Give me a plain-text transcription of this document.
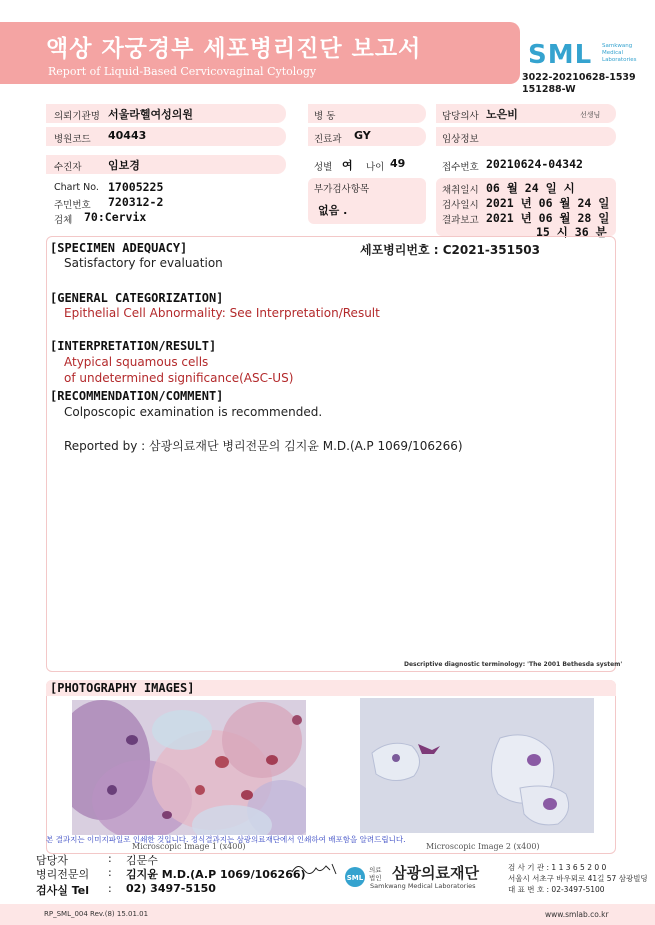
액상 자궁경부 세포병리진단 보고서
Report of Liquid-Based Cervicovaginal Cytology
SML Samkwang
Medical
Laboratories
3022-20210628-1539
151288-W
의뢰기관명 서울라헬여성의원	병 동	담당의사 노은비	선생님
병원코드 40443	진료과 GY	임상정보
수진자 임보경	성별 여 나이 49	접수번호 20210624-04342
Chart No. 17005225
주민번호 720312-2
검체 70:Cervix
부가검사항목
없음 .
채취일시 06 월 24 일 시
검사일시 2021 년 06 월 24 일
결과보고 2021 년 06 월 28 일
15 시 36 분
[SPECIMEN ADEQUACY]	세포병리번호 : C2021-351503
Satisfactory for evaluation
[GENERAL CATEGORIZATION]
Epithelial Cell Abnormality: See Interpretation/Result
[INTERPRETATION/RESULT]
Atypical squamous cells
of undetermined significance(ASC-US)
[RECOMMENDATION/COMMENT]
Colposcopic examination is recommended.
Reported by : 삼광의료재단 병리전문의 김지윤 M.D.(A.P 1069/106266)
Descriptive diagnostic terminology: 'The 2001 Bethesda system'
[PHOTOGRAPHY IMAGES]
Microscopic Image 1 (x400)	Microscopic Image 2 (x400)
본 결과지는 이미지파일로 인쇄한 것입니다. 정식결과지는 삼광의료재단에서 인쇄하여 배포함을 알려드립니다.
담당자	: 김문수
병리전문의 : 김지윤 M.D.(A.P 1069/106266)
검사실 Tel : 02) 3497-5150
SML
의료
법인 삼광의료재단
Samkwang Medical Laboratories
검 사 기 관 : 1 1 3 6 5 2 0 0
서울시 서초구 바우뫼로 41길 57 삼광빌딩
대 표 번 호 : 02-3497-5100
RP_SML_004 Rev.(8) 15.01.01	www.smlab.co.kr
